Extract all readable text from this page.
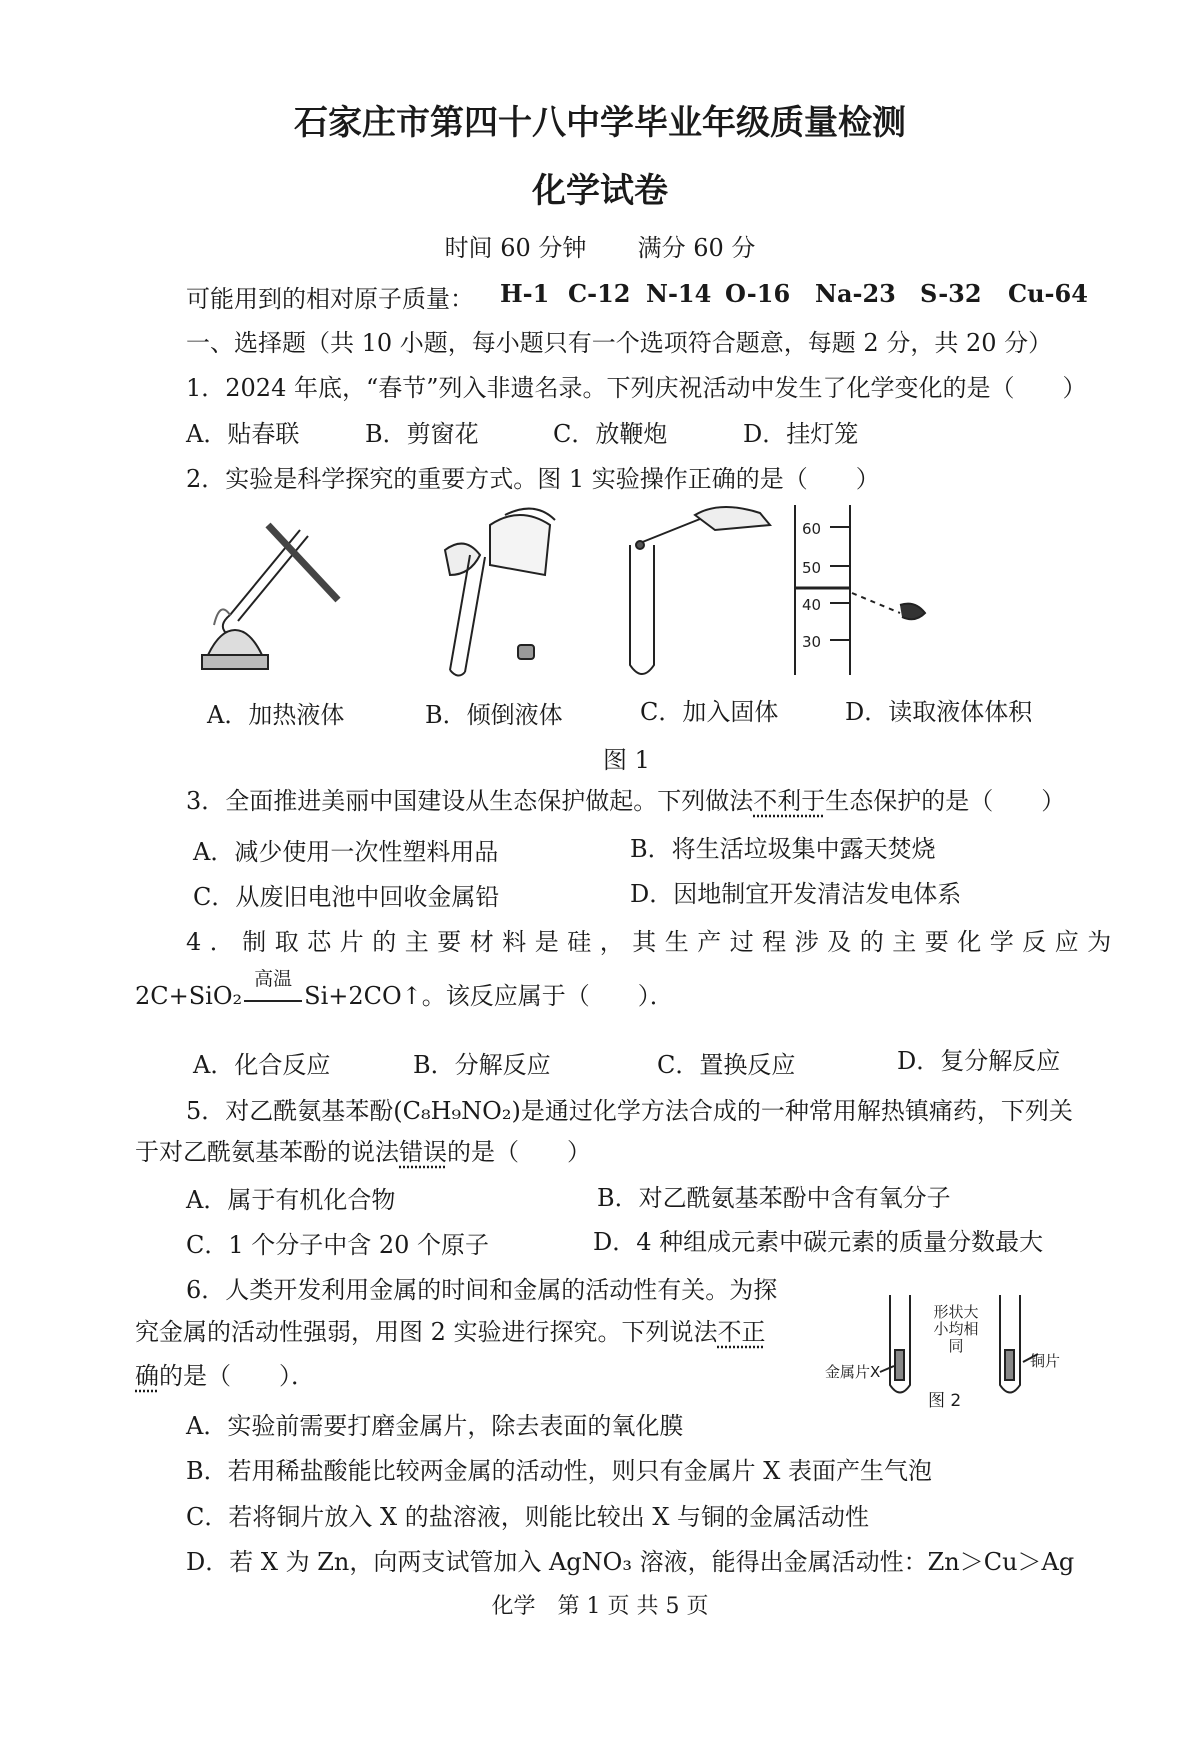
石家庄市第四十八中学毕业年级质量检测
化学试卷
时间 60 分钟 满分 60 分
可能用到的相对原子质量： H-1 C-12 N-14 O-16 Na-23 S-32 Cu-64
一、选择题（共 10 小题，每小题只有一个选项符合题意，每题 2 分，共 20 分）
1．2024 年底，“春节”列入非遗名录。下列庆祝活动中发生了化学变化的是（　　）
A．贴春联	B．剪窗花	C．放鞭炮	D．挂灯笼
2．实验是科学探究的重要方式。图 1 实验操作正确的是（　　）
60
50
40
30
A．加热液体	B．倾倒液体	C．加入固体	D．读取液体体积
图 1
3．全面推进美丽中国建设从生态保护做起。下列做法不利于生态保护的是（　　）
A．减少使用一次性塑料用品	B．将生活垃圾集中露天焚烧
C．从废旧电池中回收金属铅	D．因地制宜开发清洁发电体系
4．制取芯片的主要材料是硅，其生产过程涉及的主要化学反应为
2C+SiO₂
高温
Si+2CO↑。该反应属于（　　）．
A．化合反应	B．分解反应	C．置换反应	D．复分解反应
5．对乙酰氨基苯酚(C₈H₉NO₂)是通过化学方法合成的一种常用解热镇痛药，下列关
于对乙酰氨基苯酚的说法错误的是（　　）
A．属于有机化合物	B．对乙酰氨基苯酚中含有氧分子
C．1 个分子中含 20 个原子	D．4 种组成元素中碳元素的质量分数最大
6．人类开发利用金属的时间和金属的活动性有关。为探
究金属的活动性强弱，用图 2 实验进行探究。下列说法不正
确的是（　　）．	金属片X
形状大小均相同
铜片
图 2
A．实验前需要打磨金属片，除去表面的氧化膜
B．若用稀盐酸能比较两金属的活动性，则只有金属片 X 表面产生气泡
C．若将铜片放入 X 的盐溶液，则能比较出 X 与铜的金属活动性
D．若 X 为 Zn，向两支试管加入 AgNO₃ 溶液，能得出金属活动性：Zn＞Cu＞Ag
化学　第 1 页 共 5 页
